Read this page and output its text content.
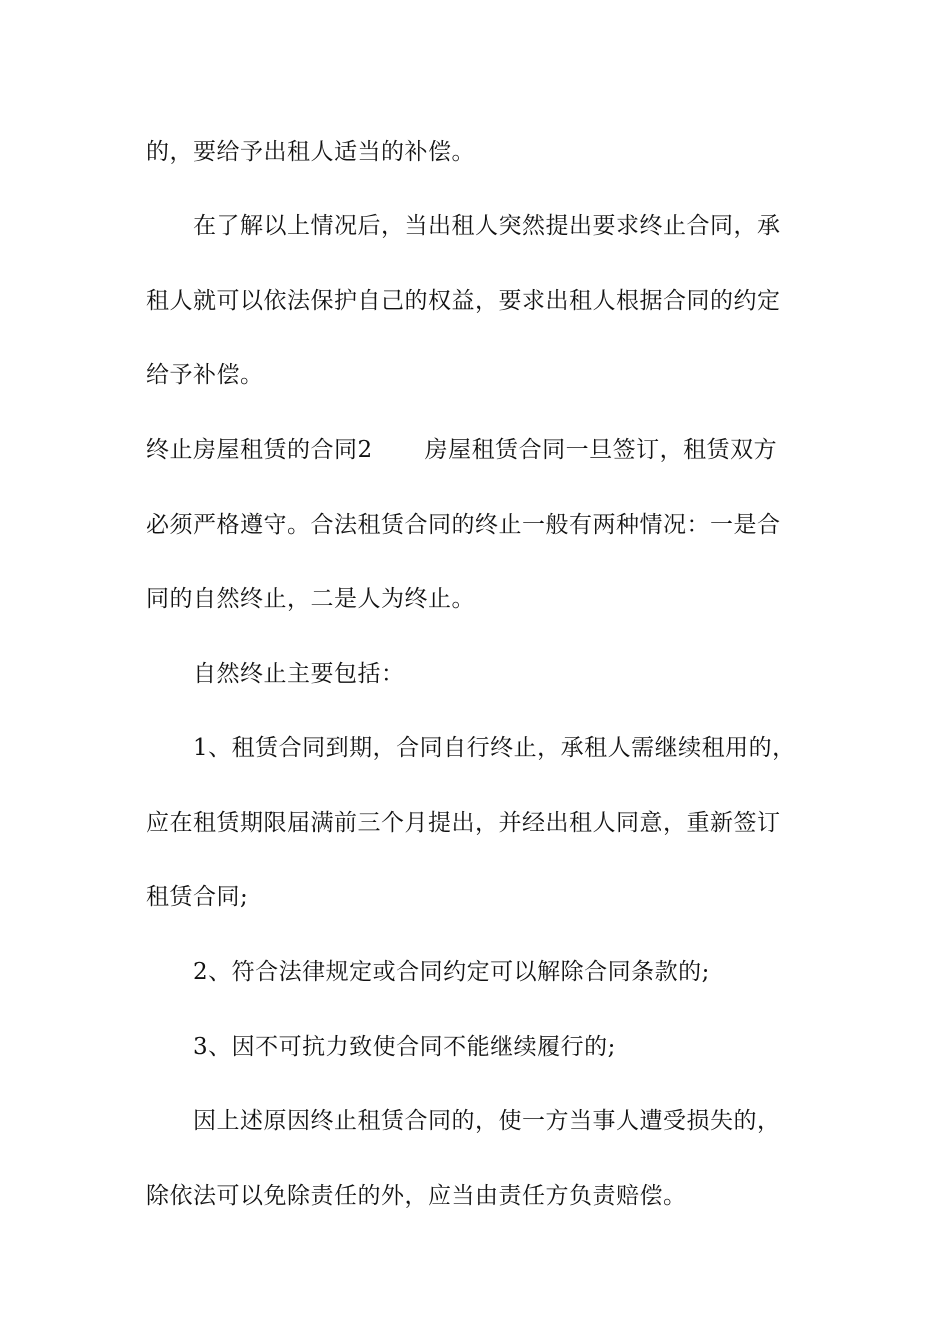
的，要给予出租人适当的补偿。
在了解以上情况后，当出租人突然提出要求终止合同，承
租人就可以依法保护自己的权益，要求出租人根据合同的约定
给予补偿。
终止房屋租赁的合同2 房屋租赁合同一旦签订，租赁双方
必须严格遵守。合法租赁合同的终止一般有两种情况：一是合
同的自然终止，二是人为终止。
自然终止主要包括：
1、租赁合同到期，合同自行终止，承租人需继续租用的，
应在租赁期限届满前三个月提出，并经出租人同意，重新签订
租赁合同;
2、符合法律规定或合同约定可以解除合同条款的;
3、因不可抗力致使合同不能继续履行的;
因上述原因终止租赁合同的，使一方当事人遭受损失的，
除依法可以免除责任的外，应当由责任方负责赔偿。
